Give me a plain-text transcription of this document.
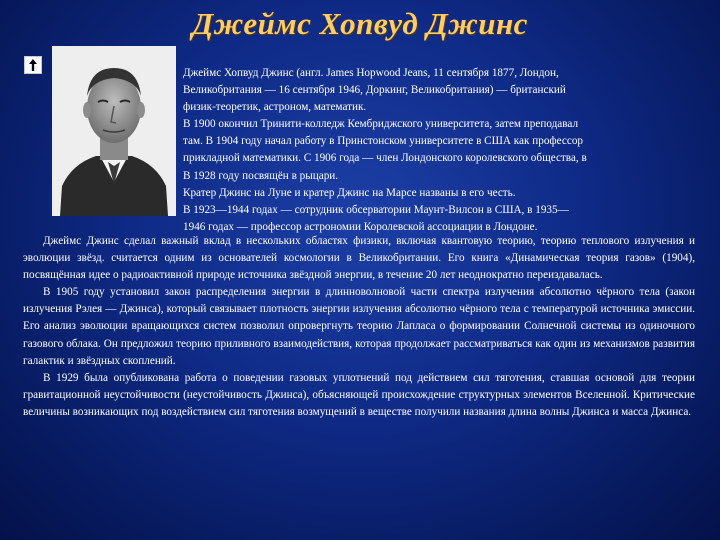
Джеймс Хопвуд Джинс

Джеймс Хопвуд Джинс (англ. James Hopwood Jeans, 11 сентября 1877, Лондон,

Великобритания — 16 сентября 1946, Доркинг, Великобритания) — британский

физик-теоретик, астроном, математик.

В 1900 окончил Тринити-колледж Кембриджского университета, затем преподавал

там. В 1904 году начал работу в Принстонском университете в США как профессор

прикладной математики. С 1906 года — член Лондонского королевского общества, в

В 1928 году посвящён в рыцари.

Кратер Джинс на Луне и кратер Джинс на Марсе названы в его честь.

В 1923—1944 годах — сотрудник обсерватории Маунт-Вилсон в США, в 1935—

1946 годах — профессор астрономии Королевской ассоциации в Лондоне.

Джеймс Джинс сделал важный вклад в нескольких областях физики, включая квантовую теорию, теорию теплового излучения и эволюции звёзд. считается одним из основателей космологии в Великобритании. Его книга «Динамическая теория газов» (1904), посвящённая идее о радиоактивной природе источника звёздной энергии, в течение 20 лет неоднократно переиздавалась.

В 1905 году установил закон распределения энергии в длинноволновой части спектра излучения абсолютно чёрного тела (закон излучения Рэлея — Джинса), который связывает плотность энергии излучения абсолютно чёрного тела с температурой источника эмиссии. Его анализ эволюции вращающихся систем позволил опровергнуть теорию Лапласа о формировании Солнечной системы из одиночного газового облака. Он предложил теорию приливного взаимодействия, которая продолжает рассматриваться как один из механизмов развития галактик и звёздных скоплений.

В 1929 была опубликована работа о поведении газовых уплотнений под действием сил тяготения, ставшая основой для теории гравитационной неустойчивости (неустойчивость Джинса), объясняющей происхождение структурных элементов Вселенной. Критические величины возникающих под воздействием сил тяготения возмущений в веществе получили названия длина волны Джинса и масса Джинса.
